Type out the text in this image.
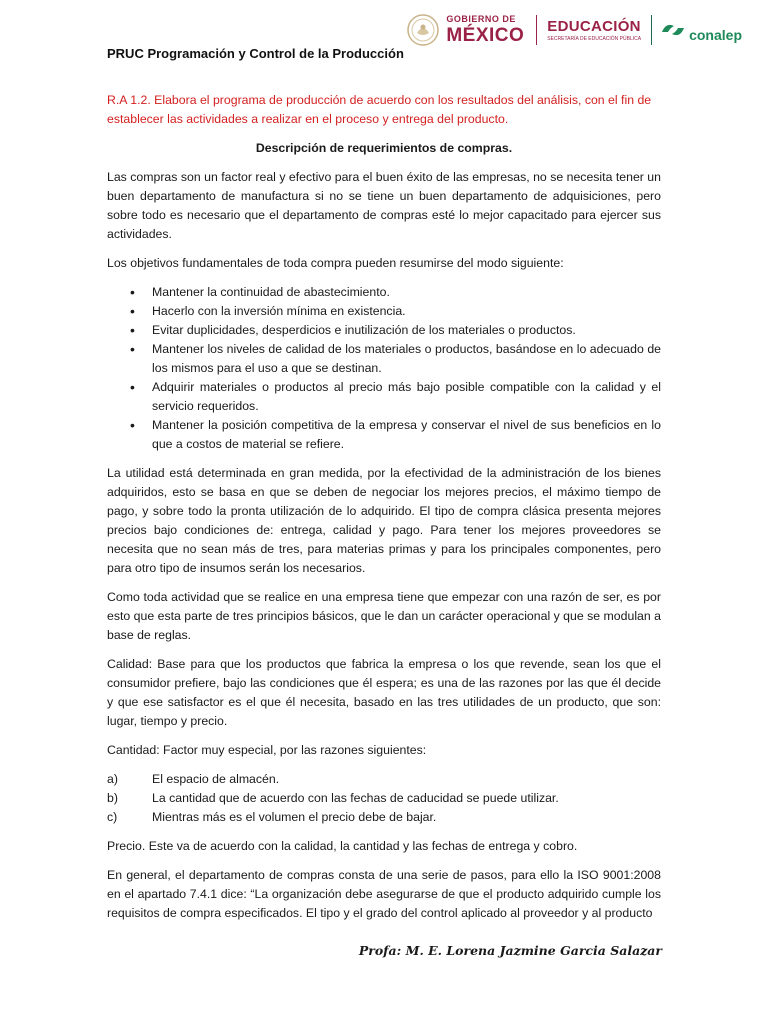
GOBIERNO DE
MÉXICO EDUCACIÓN
SECRETARÍA DE EDUCACIÓN PÚBLICA	conalep
PRUC Programación y Control de la Producción

R.A 1.2. Elabora el programa de producción de acuerdo con los resultados del análisis, con el fin de establecer las actividades a realizar en el proceso y entrega del producto.

Descripción de requerimientos de compras.

Las compras son un factor real y efectivo para el buen éxito de las empresas, no se necesita tener un buen departamento de manufactura si no se tiene un buen departamento de adquisiciones, pero sobre todo es necesario que el departamento de compras esté lo mejor capacitado para ejercer sus actividades.

Los objetivos fundamentales de toda compra pueden resumirse del modo siguiente:

• Mantener la continuidad de abastecimiento.
• Hacerlo con la inversión mínima en existencia.
• Evitar duplicidades, desperdicios e inutilización de los materiales o productos.
• Mantener los niveles de calidad de los materiales o productos, basándose en lo adecuado de los mismos para el uso a que se destinan.
• Adquirir materiales o productos al precio más bajo posible compatible con la calidad y el servicio requeridos.
• Mantener la posición competitiva de la empresa y conservar el nivel de sus beneficios en lo que a costos de material se refiere.

La utilidad está determinada en gran medida, por la efectividad de la administración de los bienes adquiridos, esto se basa en que se deben de negociar los mejores precios, el máximo tiempo de pago, y sobre todo la pronta utilización de lo adquirido. El tipo de compra clásica presenta mejores precios bajo condiciones de: entrega, calidad y pago. Para tener los mejores proveedores se necesita que no sean más de tres, para materias primas y para los principales componentes, pero para otro tipo de insumos serán los necesarios.

Como toda actividad que se realice en una empresa tiene que empezar con una razón de ser, es por esto que esta parte de tres principios básicos, que le dan un carácter operacional y que se modulan a base de reglas.

Calidad: Base para que los productos que fabrica la empresa o los que revende, sean los que el consumidor prefiere, bajo las condiciones que él espera; es una de las razones por las que él decide y que ese satisfactor es el que él necesita, basado en las tres utilidades de un producto, que son: lugar, tiempo y precio.

Cantidad: Factor muy especial, por las razones siguientes:

a)	El espacio de almacén.
b)	La cantidad que de acuerdo con las fechas de caducidad se puede utilizar.
c)	Mientras más es el volumen el precio debe de bajar.

Precio. Este va de acuerdo con la calidad, la cantidad y las fechas de entrega y cobro.

En general, el departamento de compras consta de una serie de pasos, para ello la ISO 9001:2008 en el apartado 7.4.1 dice: “La organización debe asegurarse de que el producto adquirido cumple los requisitos de compra especificados. El tipo y el grado del control aplicado al proveedor y al producto

Profa: M. E. Lorena Jazmine Garcia Salazar
